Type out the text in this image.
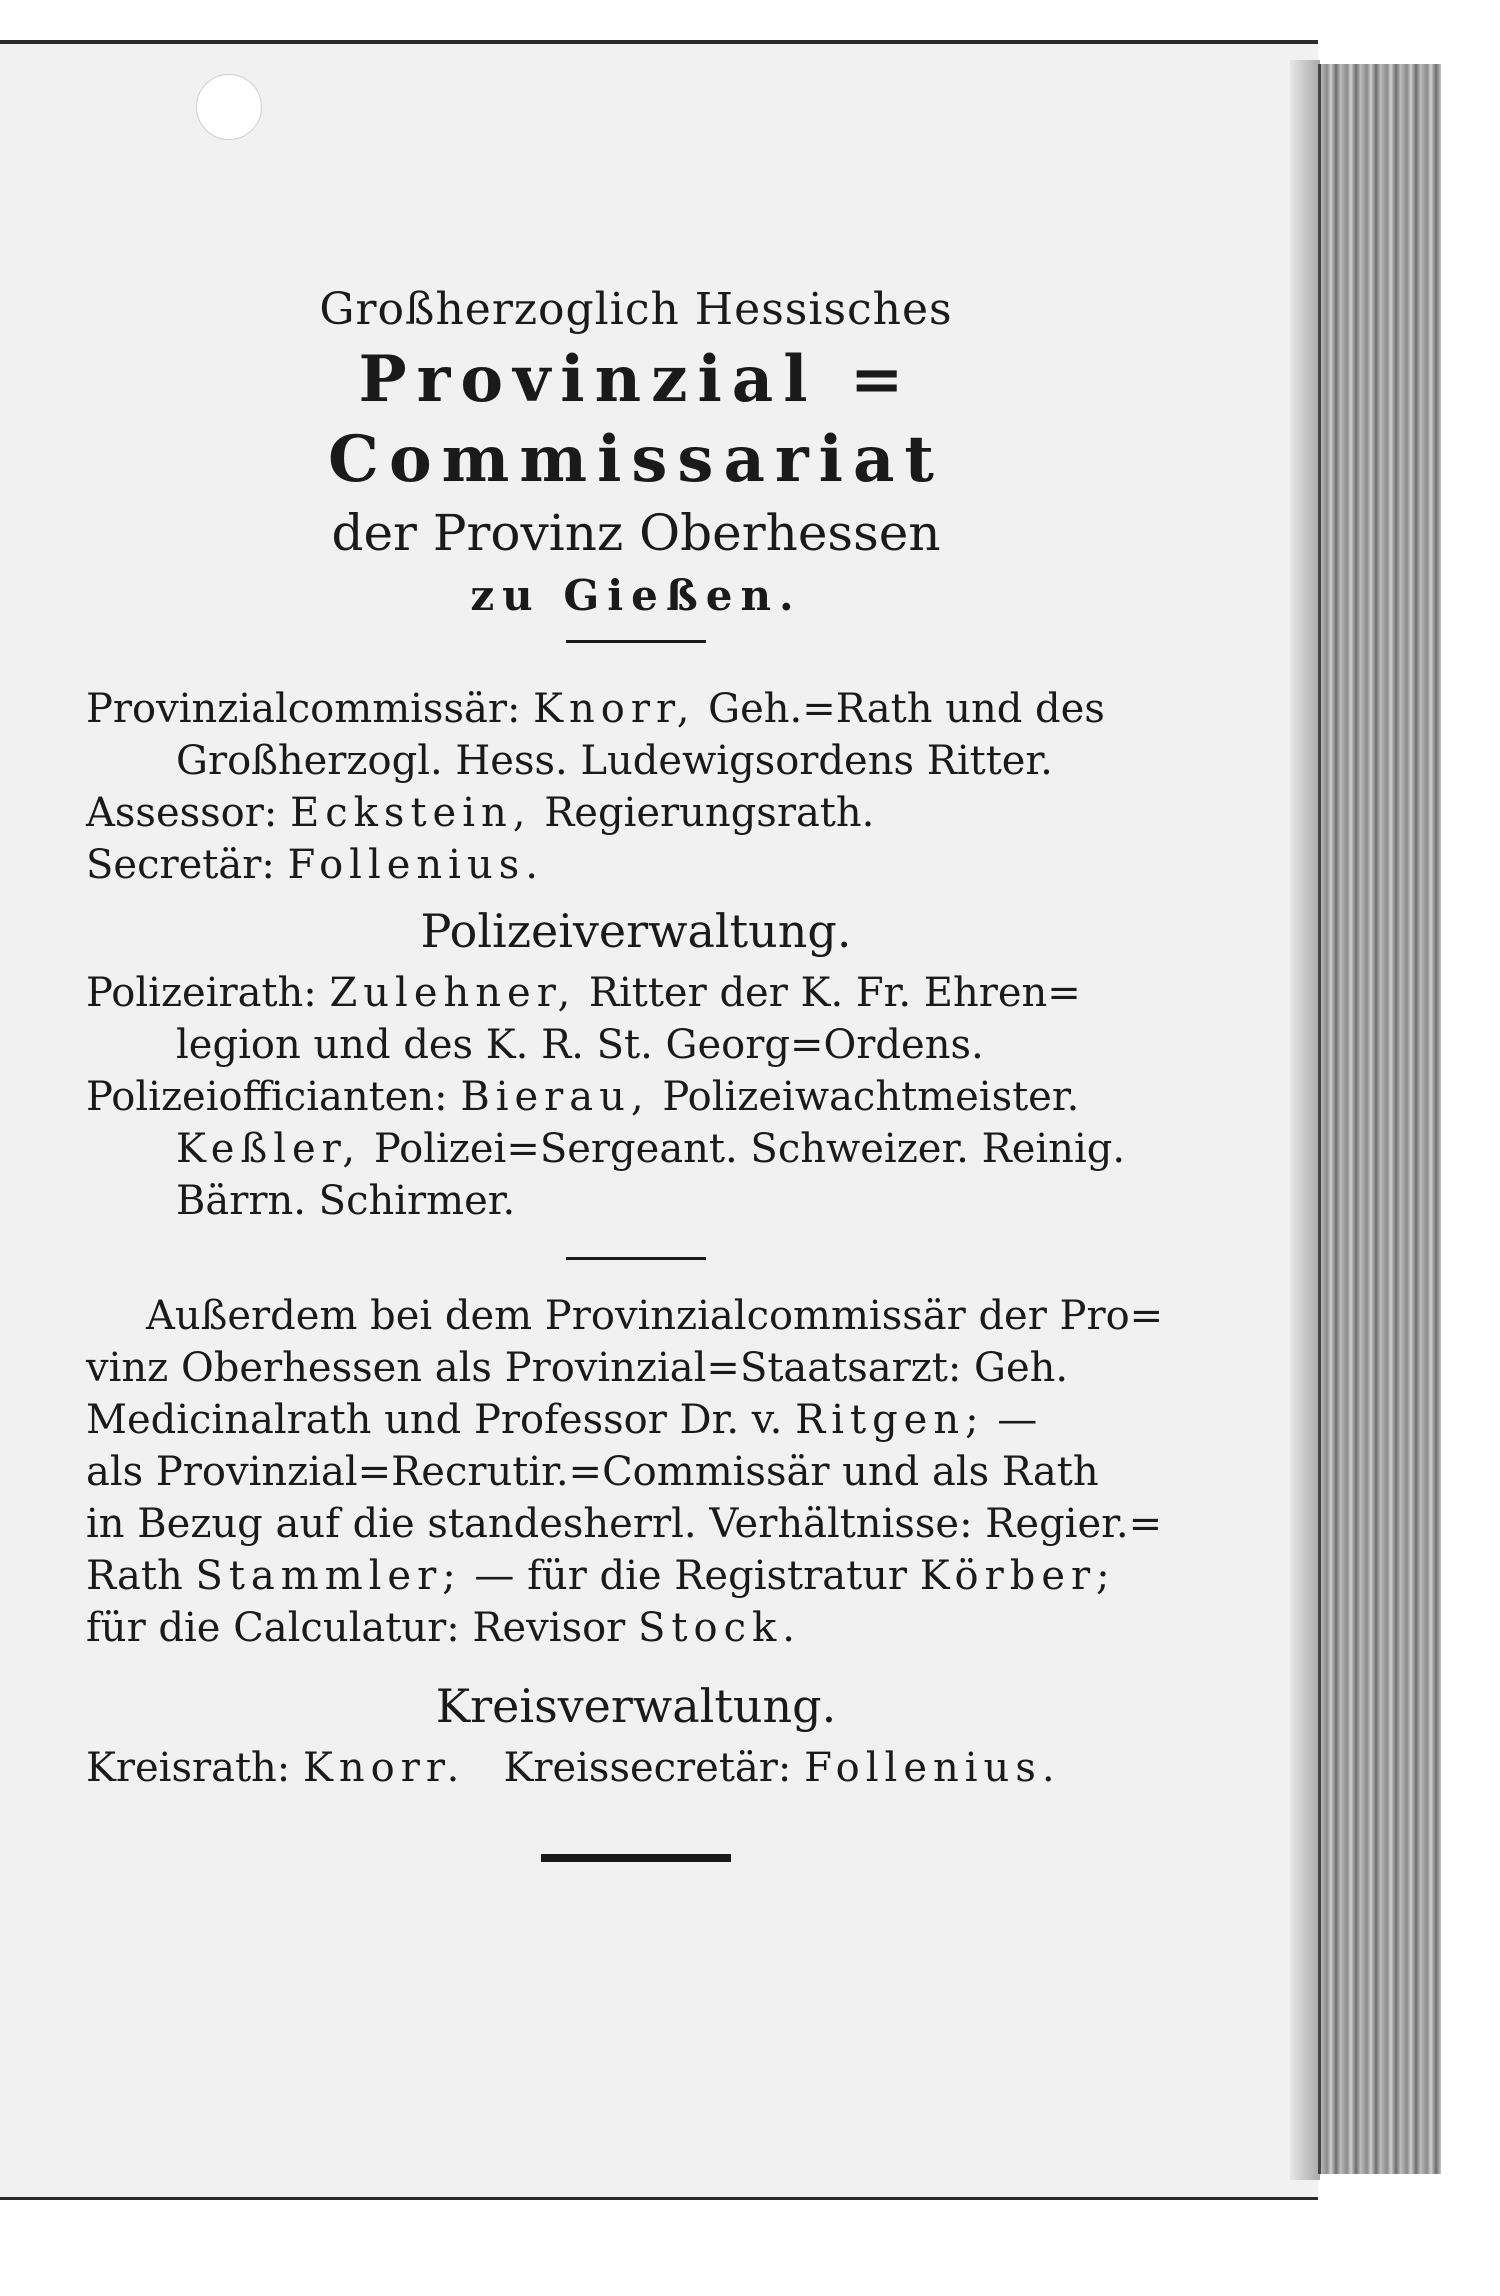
Großherzoglich Hessisches

Provinzial = Commissariat

der Provinz Oberhessen

zu Gießen.

Provinzialcommissär: Knorr, Geh.=Rath und des

Großherzogl. Hess. Ludewigsordens Ritter.

Assessor: Eckstein, Regierungsrath.

Secretär: Follenius.

Polizeiverwaltung.

Polizeirath: Zulehner, Ritter der K. Fr. Ehren=

legion und des K. R. St. Georg=Ordens.

Polizeiofficianten: Bierau, Polizeiwachtmeister.

Keßler, Polizei=Sergeant. Schweizer. Reinig.

Bärrn. Schirmer.

Außerdem bei dem Provinzialcommissär der Pro=

vinz Oberhessen als Provinzial=Staatsarzt: Geh.

Medicinalrath und Professor Dr. v. Ritgen; —

als Provinzial=Recrutir.=Commissär und als Rath

in Bezug auf die standesherrl. Verhältnisse: Regier.=

Rath Stammler; — für die Registratur Körber;

für die Calculatur: Revisor Stock.

Kreisverwaltung.

Kreisrath: Knorr. Kreissecretär: Follenius.
